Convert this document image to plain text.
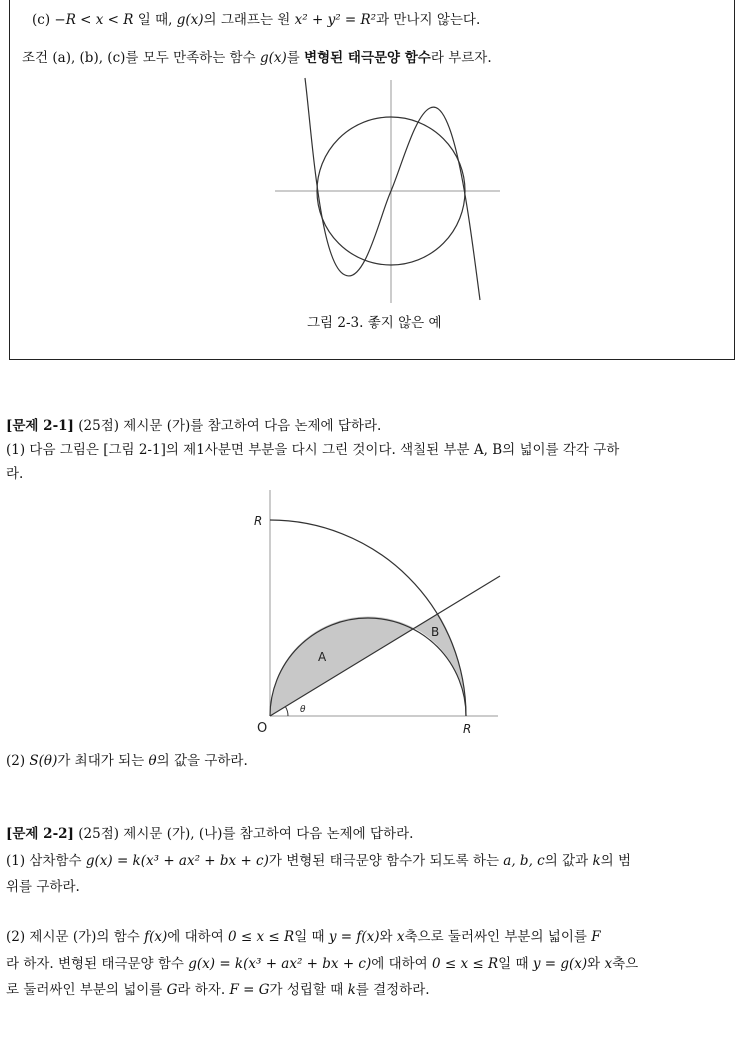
(c) −R < x < R 일 때, g(x)의 그래프는 원 x² + y² = R²과 만나지 않는다.
조건 (a), (b), (c)를 모두 만족하는 함수 g(x)를 변형된 태극문양 함수라 부르자.
그림 2-3. 좋지 않은 예
[문제 2-1] (25점) 제시문 (가)를 참고하여 다음 논제에 답하라.
(1) 다음 그림은 [그림 2-1]의 제1사분면 부분을 다시 그린 것이다. 색칠된 부분 A, B의 넓이를 각각 구하
라.
R
O	R
θ
A
B
(2) S(θ)가 최대가 되는 θ의 값을 구하라.
[문제 2-2] (25점) 제시문 (가), (나)를 참고하여 다음 논제에 답하라.
(1) 삼차함수 g(x) = k(x³ + ax² + bx + c)가 변형된 태극문양 함수가 되도록 하는 a, b, c의 값과 k의 범
위를 구하라.
(2) 제시문 (가)의 함수 f(x)에 대하여 0 ≤ x ≤ R일 때 y = f(x)와 x축으로 둘러싸인 부분의 넓이를 F
라 하자. 변형된 태극문양 함수 g(x) = k(x³ + ax² + bx + c)에 대하여 0 ≤ x ≤ R일 때 y = g(x)와 x축으
로 둘러싸인 부분의 넓이를 G라 하자. F = G가 성립할 때 k를 결정하라.
